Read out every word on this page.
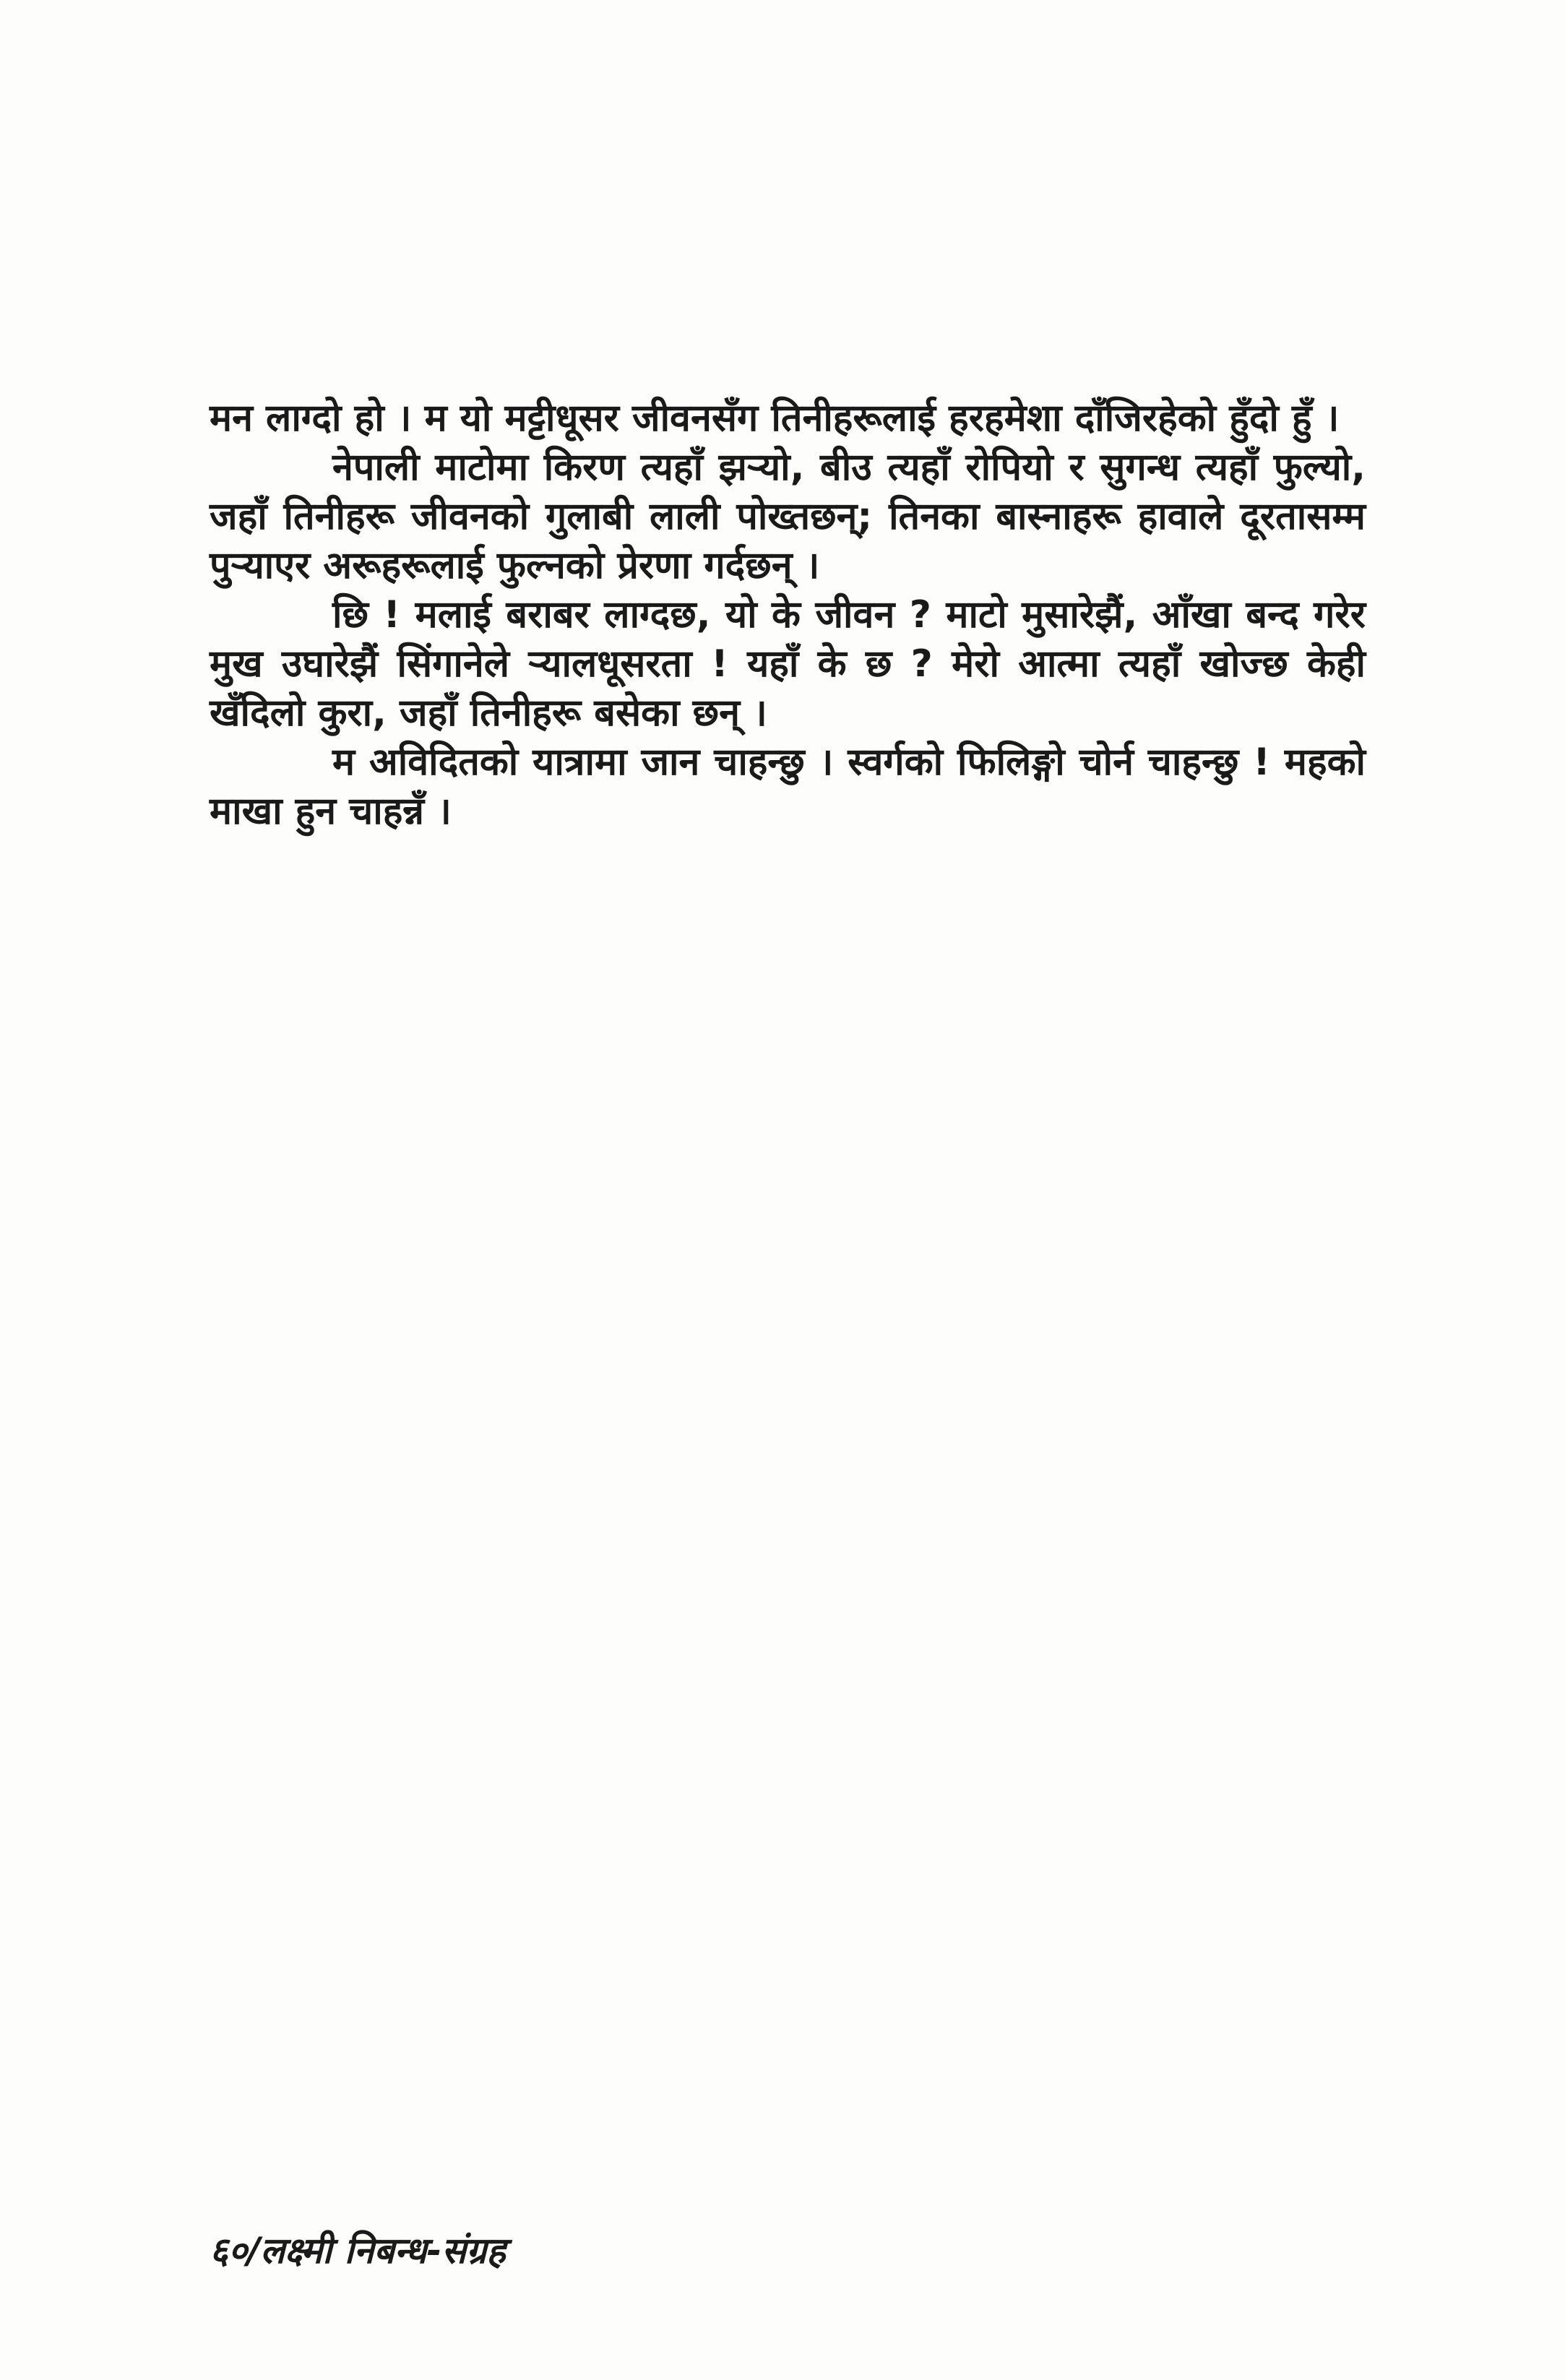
मन लाग्दो हो । म यो मट्टीधूसर जीवनसँग तिनीहरूलाई हरहमेशा दाँजिरहेको हुँदो हुँ ।

नेपाली माटोमा किरण त्यहाँ झऱ्यो, बीउ त्यहाँ रोपियो र सुगन्ध त्यहाँ फुल्यो, जहाँ तिनीहरू जीवनको गुलाबी लाली पोख्तछन्; तिनका बास्नाहरू हावाले दूरतासम्म पुऱ्याएर अरूहरूलाई फुल्नको प्रेरणा गर्दछन् ।

छि ! मलाई बराबर लाग्दछ, यो के जीवन ? माटो मुसारेझैं, आँखा बन्द गरेर मुख उघारेझैं सिंगानेले ऱ्यालधूसरता ! यहाँ के छ ? मेरो आत्मा त्यहाँ खोज्छ केही खँदिलो कुरा, जहाँ तिनीहरू बसेका छन् ।

म अविदितको यात्रामा जान चाहन्छु । स्वर्गको फिलिङ्गो चोर्न चाहन्छु ! महको माखा हुन चाहन्नँ ।

६०/लक्ष्मी निबन्ध-संग्रह
